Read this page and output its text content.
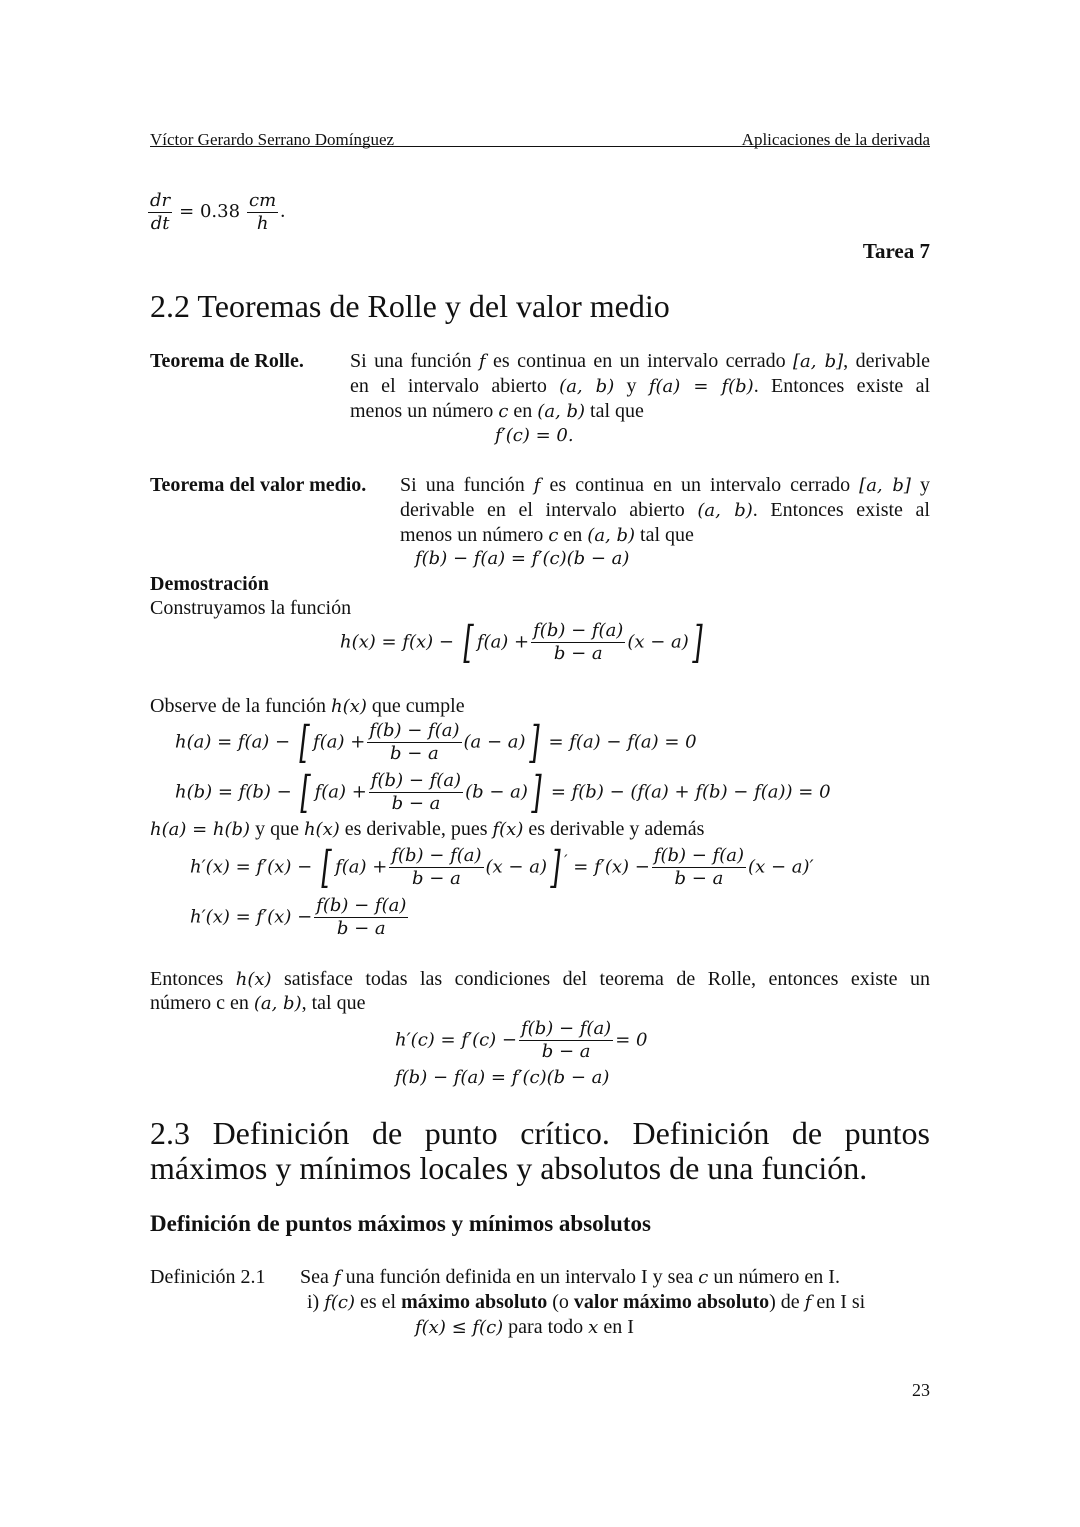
Víctor Gerardo Serrano Domínguez	Aplicaciones de la derivada
$\frac{dr}{dt} = 0.38 \frac{cm}{h}$ .
Tarea 7
2.2 Teoremas de Rolle y del valor medio
Teorema de Rolle. Si una función f es continua en un intervalo cerrado [a, b], derivable
en el intervalo abierto (a, b) y f(a) = f(b). Entonces existe al
menos un número c en (a, b) tal que
f′(c) = 0.
Teorema del valor medio. Si una función f es continua en un intervalo cerrado [a, b] y
derivable en el intervalo abierto (a, b). Entonces existe al
menos un número c en (a, b) tal que
f(b) − f(a) = f′(c)(b − a)
Demostración
Construyamos la función
h(x) = f(x) − [ $f(a) + \frac{f(b) - f(a)}{b - a} (x - a)$]
Observe de la función h(x) que cumple
h(a) = f(a) − [ $f(a) + \frac{f(b) - f(a)}{b - a} (a - a)] = f(a) - f(a) = 0$
h(b) = f(b) − [ $f(a) + \frac{f(b) - f(a)}{b - a} (b - a)] = f(b) - (f(a) + f(b) - f(a)) = 0$
h(a) = h(b) y que h(x) es derivable, pues f(x) es derivable y además
h′(x) = f′(x) − [ $f(a) + \frac{f(b) - f(a)}{b - a} (x - a)$] $' = f'(x) - \frac{f(b) - f(a)}{b - a} (x - a)'$
$h'(x) = f'(x) - \frac{f(b) - f(a)}{b - a}$
Entonces h(x) satisface todas las condiciones del teorema de Rolle, entonces existe un
número c en (a, b), tal que
$h'(c) = f'(c) - \frac{f(b) - f(a)}{b - a} = 0$
f(b) − f(a) = f′(c)(b − a)
2.3 Definición de punto crítico. Definición de puntos
máximos y mínimos locales y absolutos de una función.
Definición de puntos máximos y mínimos absolutos
Definición 2.1 Sea f una función definida en un intervalo I y sea c un número en I.
i) f(c) es el máximo absoluto (o valor máximo absoluto) de f en I si
f(x) ≤ f(c) para todo x en I
23
